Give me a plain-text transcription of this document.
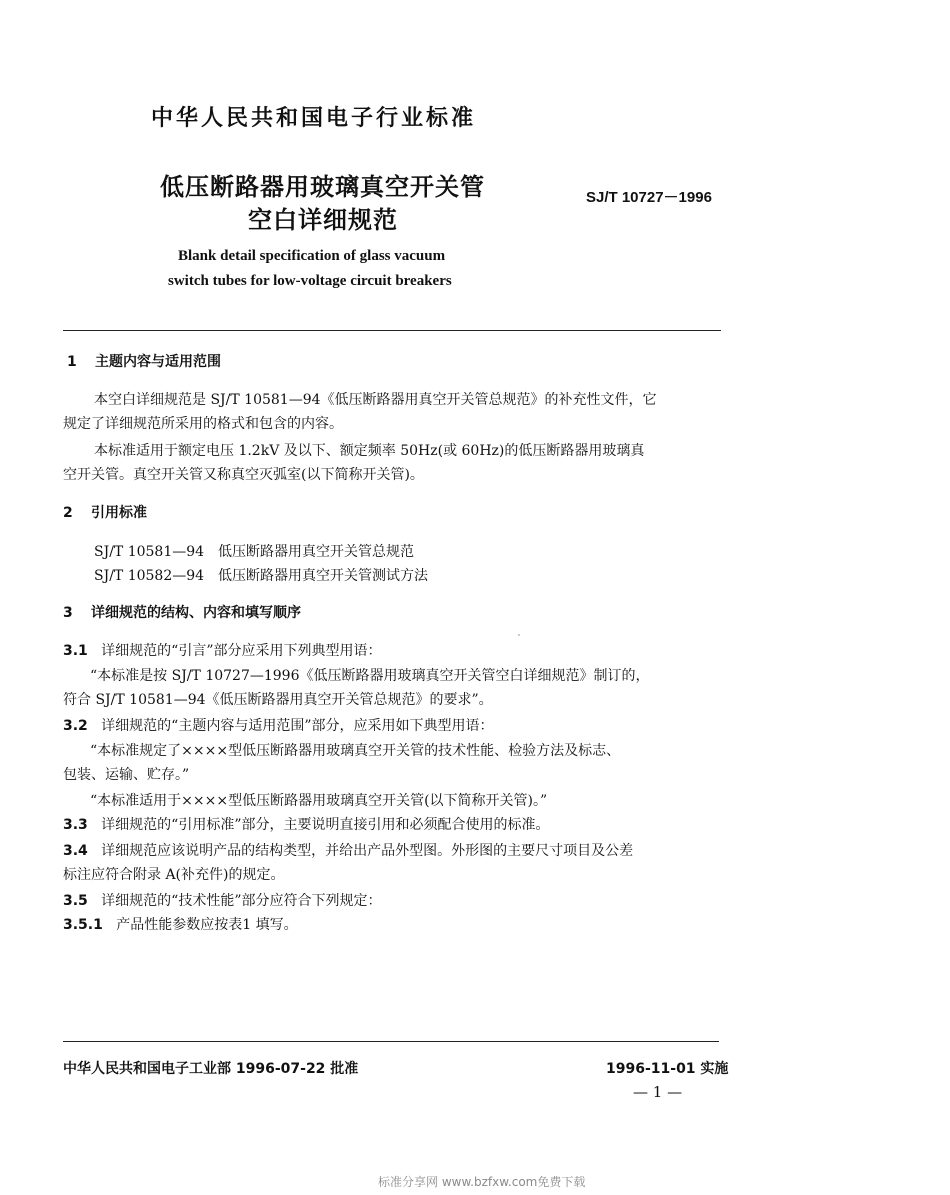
中华人民共和国电子行业标准
低压断路器用玻璃真空开关管
空白详细规范
SJ/T 10727－1996
Blank detail specification of glass vacuum
switch tubes for low-voltage circuit breakers
1 主题内容与适用范围
本空白详细规范是 SJ/T 10581—94《低压断路器用真空开关管总规范》的补充性文件，它
规定了详细规范所采用的格式和包含的内容。
本标准适用于额定电压 1.2kV 及以下、额定频率 50Hz(或 60Hz)的低压断路器用玻璃真
空开关管。真空开关管又称真空灭弧室(以下简称开关管)。
2 引用标准
SJ/T 10581—94　低压断路器用真空开关管总规范
SJ/T 10582—94　低压断路器用真空开关管测试方法
3 详细规范的结构、内容和填写顺序
3.1 详细规范的“引言”部分应采用下列典型用语：
“本标准是按 SJ/T 10727—1996《低压断路器用玻璃真空开关管空白详细规范》制订的，
符合 SJ/T 10581—94《低压断路器用真空开关管总规范》的要求”。
3.2 详细规范的“主题内容与适用范围”部分，应采用如下典型用语：
“本标准规定了××××型低压断路器用玻璃真空开关管的技术性能、检验方法及标志、
包装、运输、贮存。”
“本标准适用于××××型低压断路器用玻璃真空开关管(以下简称开关管)。”
3.3 详细规范的“引用标准”部分，主要说明直接引用和必须配合使用的标准。
3.4 详细规范应该说明产品的结构类型，并给出产品外型图。外形图的主要尺寸项目及公差
标注应符合附录 A(补充件)的规定。
3.5 详细规范的“技术性能”部分应符合下列规定：
3.5.1 产品性能参数应按表1 填写。
中华人民共和国电子工业部 1996-07-22 批准	1996-11-01 实施
— 1 —
标准分享网 www.bzfxw.com免费下载
